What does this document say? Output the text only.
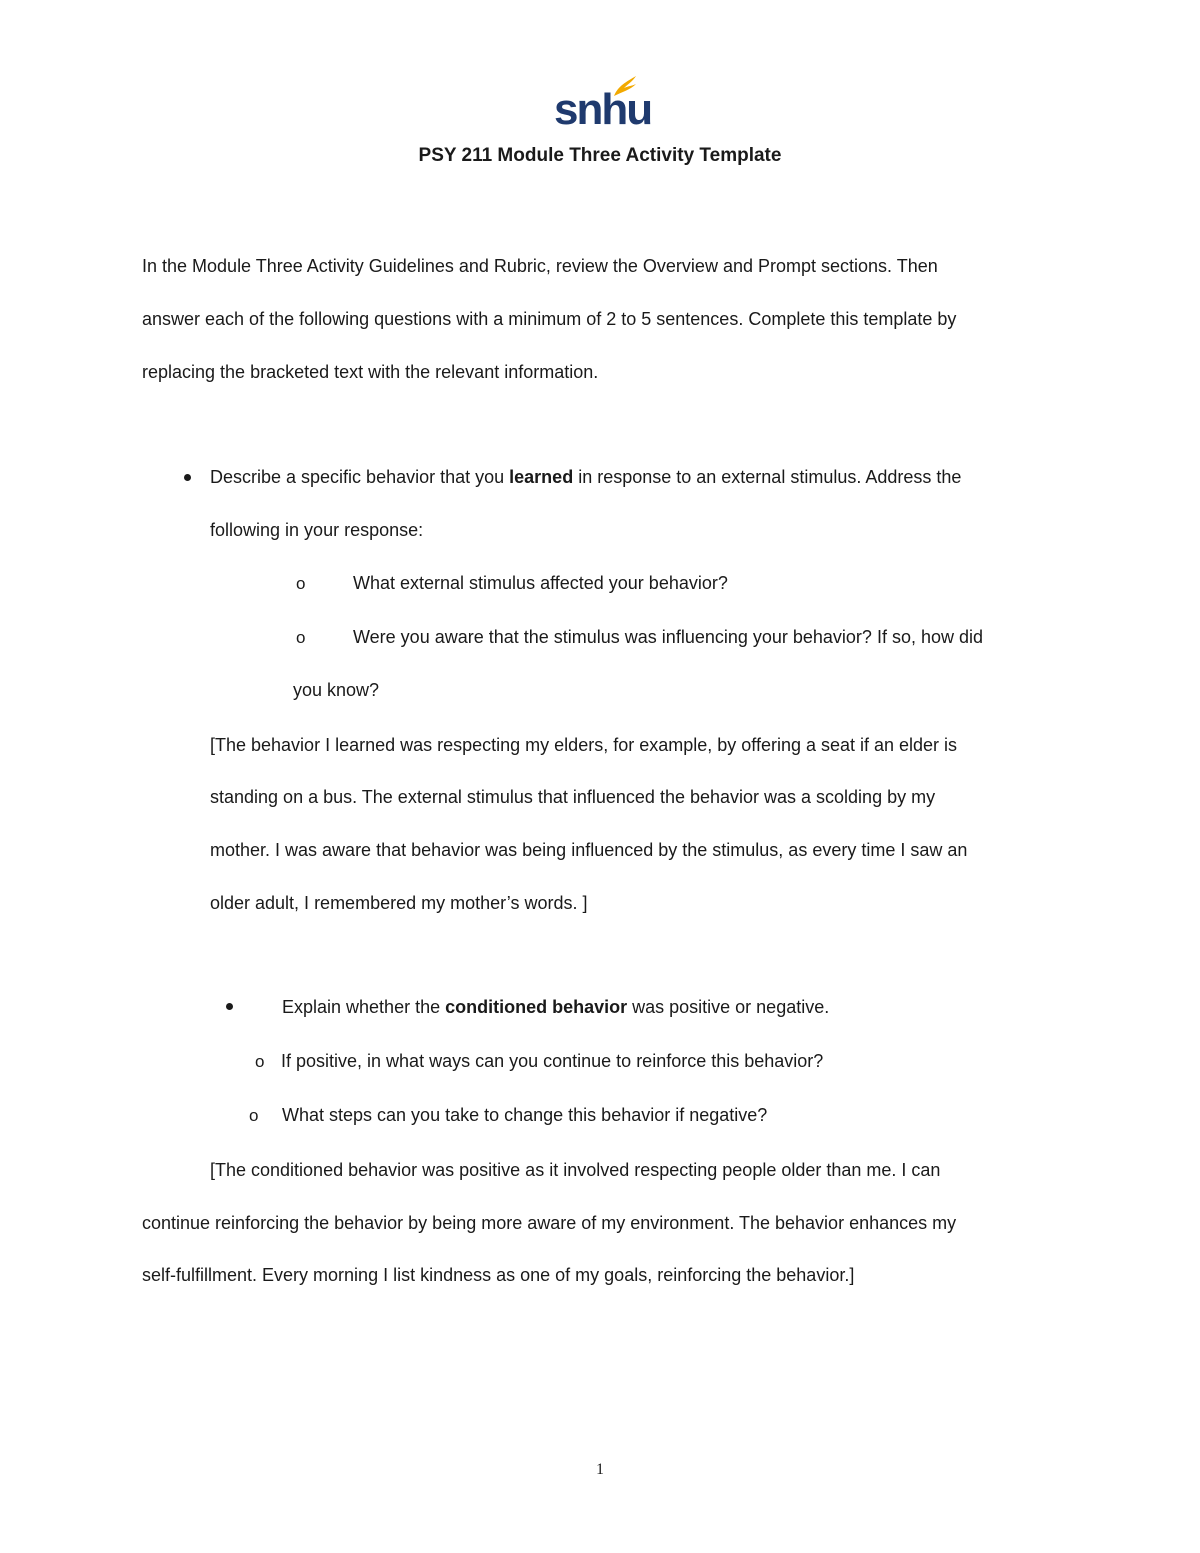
snhu
PSY 211 Module Three Activity Template
In the Module Three Activity Guidelines and Rubric, review the Overview and Prompt sections. Then
answer each of the following questions with a minimum of 2 to 5 sentences. Complete this template by
replacing the bracketed text with the relevant information.
Describe a specific behavior that you learned in response to an external stimulus. Address the
following in your response:
o	What external stimulus affected your behavior?
o	Were you aware that the stimulus was influencing your behavior? If so, how did
you know?
[The behavior I learned was respecting my elders, for example, by offering a seat if an elder is
standing on a bus. The external stimulus that influenced the behavior was a scolding by my
mother. I was aware that behavior was being influenced by the stimulus, as every time I saw an
older adult, I remembered my mother’s words. ]
Explain whether the conditioned behavior was positive or negative.
o If positive, in what ways can you continue to reinforce this behavior?
o What steps can you take to change this behavior if negative?
[The conditioned behavior was positive as it involved respecting people older than me. I can
continue reinforcing the behavior by being more aware of my environment. The behavior enhances my
self-fulfillment. Every morning I list kindness as one of my goals, reinforcing the behavior.]
1
